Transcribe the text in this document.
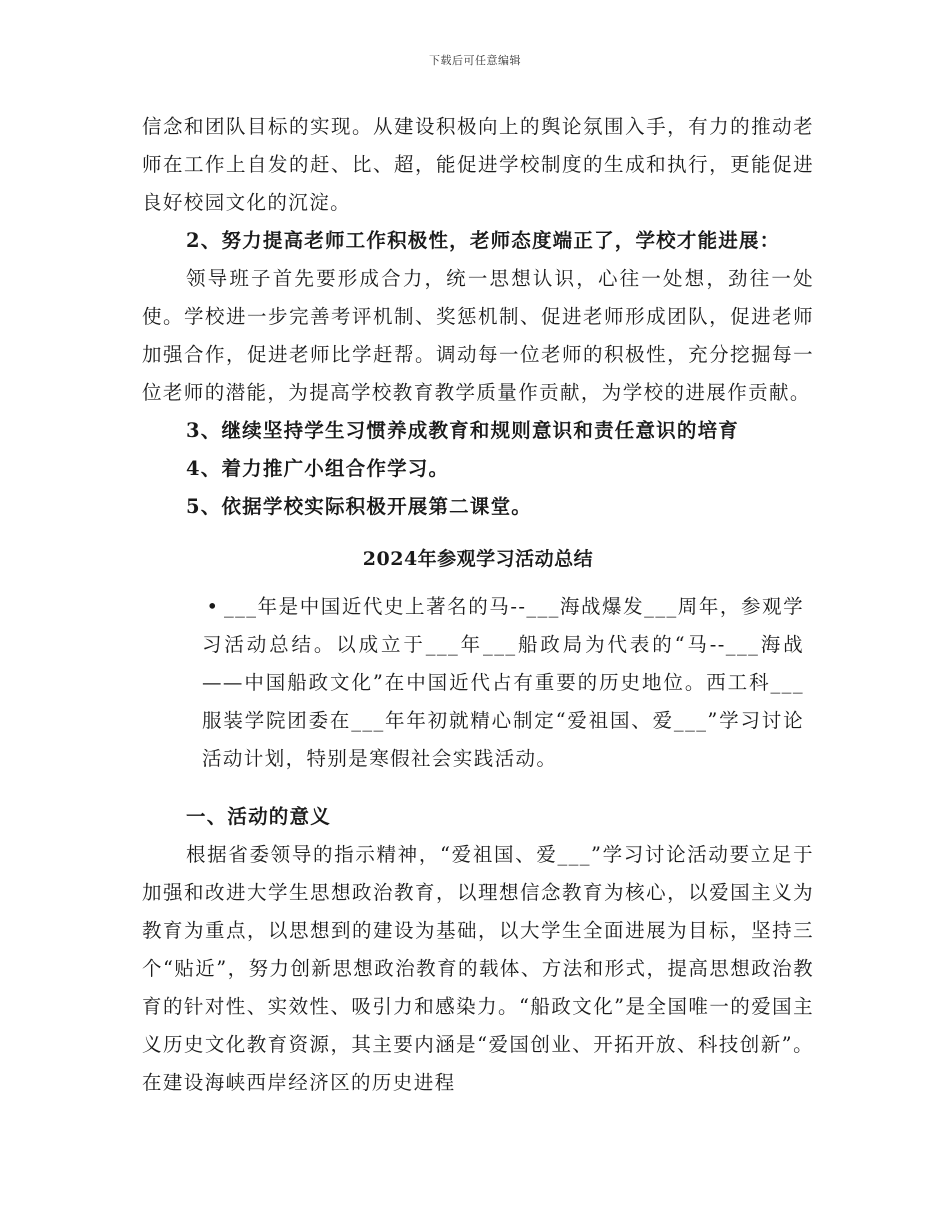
下载后可任意编辑

信念和团队目标的实现。从建设积极向上的舆论氛围入手，有力的推动老师在工作上自发的赶、比、超，能促进学校制度的生成和执行，更能促进良好校园文化的沉淀。

2、努力提高老师工作积极性，老师态度端正了，学校才能进展：

领导班子首先要形成合力，统一思想认识，心往一处想，劲往一处使。学校进一步完善考评机制、奖惩机制、促进老师形成团队，促进老师加强合作，促进老师比学赶帮。调动每一位老师的积极性，充分挖掘每一位老师的潜能，为提高学校教育教学质量作贡献，为学校的进展作贡献。

3、继续坚持学生习惯养成教育和规则意识和责任意识的培育

4、着力推广小组合作学习。

5、依据学校实际积极开展第二课堂。

2024年参观学习活动总结

• ___年是中国近代史上著名的马--___海战爆发___周年，参观学习活动总结。以成立于___年___船政局为代表的“马--___海战——中国船政文化”在中国近代占有重要的历史地位。西工科___服装学院团委在___年年初就精心制定“爱祖国、爱___”学习讨论活动计划，特别是寒假社会实践活动。

一、活动的意义

根据省委领导的指示精神，“爱祖国、爱___”学习讨论活动要立足于加强和改进大学生思想政治教育，以理想信念教育为核心，以爱国主义为教育为重点，以思想到的建设为基础，以大学生全面进展为目标，坚持三个“贴近”，努力创新思想政治教育的载体、方法和形式，提高思想政治教育的针对性、实效性、吸引力和感染力。“船政文化”是全国唯一的爱国主义历史文化教育资源，其主要内涵是“爱国创业、开拓开放、科技创新”。在建设海峡西岸经济区的历史进程
